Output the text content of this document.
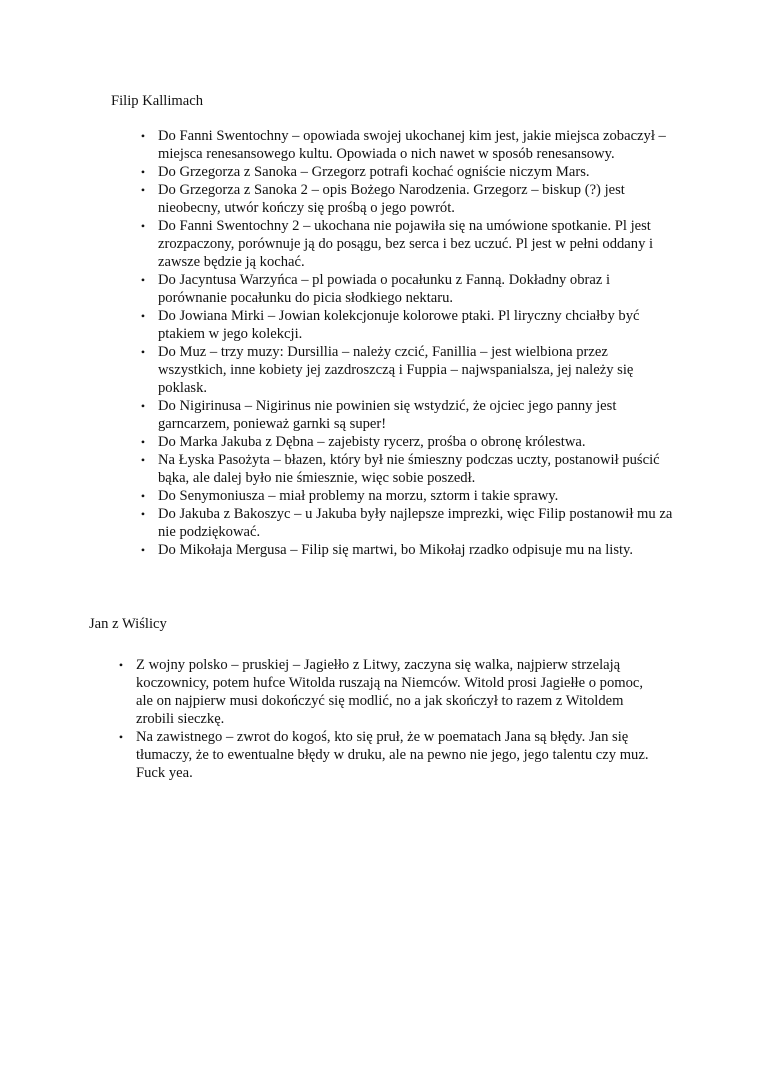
Filip Kallimach
• Do Fanni Swentochny – opowiada swojej ukochanej kim jest, jakie miejsca zobaczył – miejsca renesansowego kultu. Opowiada o nich nawet w sposób renesansowy.
• Do Grzegorza z Sanoka – Grzegorz potrafi kochać ogniście niczym Mars.
• Do Grzegorza z Sanoka 2 – opis Bożego Narodzenia. Grzegorz – biskup (?) jest nieobecny, utwór kończy się prośbą o jego powrót.
• Do Fanni Swentochny 2 – ukochana nie pojawiła się na umówione spotkanie. Pl jest zrozpaczony, porównuje ją do posągu, bez serca i bez uczuć. Pl jest w pełni oddany i zawsze będzie ją kochać.
• Do Jacyntusa Warzyńca – pl powiada o pocałunku z Fanną. Dokładny obraz i porównanie pocałunku do picia słodkiego nektaru.
• Do Jowiana Mirki – Jowian kolekcjonuje kolorowe ptaki. Pl liryczny chciałby być ptakiem w jego kolekcji.
• Do Muz – trzy muzy: Dursillia – należy czcić, Fanillia – jest wielbiona przez wszystkich, inne kobiety jej zazdroszczą i Fuppia – najwspanialsza, jej należy się poklask.
• Do Nigirinusa – Nigirinus nie powinien się wstydzić, że ojciec jego panny jest garncarzem, ponieważ garnki są super!
• Do Marka Jakuba z Dębna – zajebisty rycerz, prośba o obronę królestwa.
• Na Łyska Pasożyta – błazen, który był nie śmieszny podczas uczty, postanowił puścić bąka, ale dalej było nie śmiesznie, więc sobie poszedł.
• Do Senymoniusza – miał problemy na morzu, sztorm i takie sprawy.
• Do Jakuba z Bakoszyc – u Jakuba były najlepsze imprezki, więc Filip postanowił mu za nie podziękować.
• Do Mikołaja Mergusa – Filip się martwi, bo Mikołaj rzadko odpisuje mu na listy.
Jan z Wiślicy
• Z wojny polsko – pruskiej – Jagiełło z Litwy, zaczyna się walka, najpierw strzelają koczownicy, potem hufce Witolda ruszają na Niemców. Witold prosi Jagiełłe o pomoc, ale on najpierw musi dokończyć się modlić, no a jak skończył to razem z Witoldem zrobili sieczkę.
• Na zawistnego – zwrot do kogoś, kto się pruł, że w poematach Jana są błędy. Jan się tłumaczy, że to ewentualne błędy w druku, ale na pewno nie jego, jego talentu czy muz. Fuck yea.
